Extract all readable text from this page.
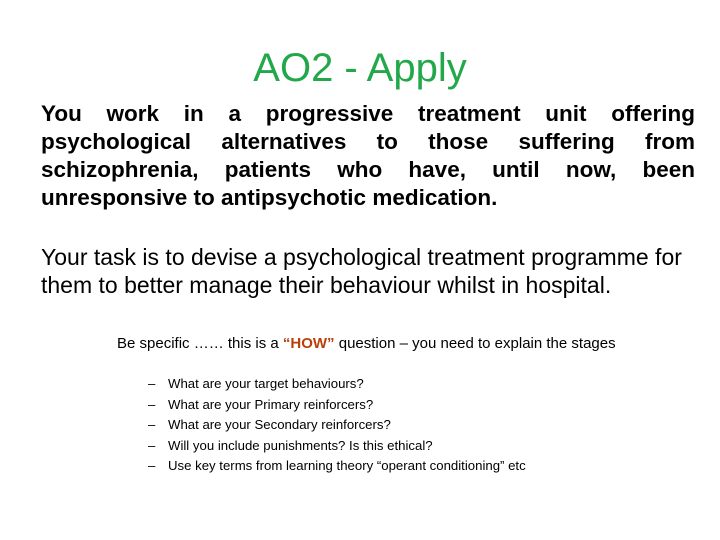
AO2 - Apply
You work in a progressive treatment unit offering psychological alternatives to those suffering from schizophrenia, patients who have, until now, been unresponsive to antipsychotic medication.
Your task is to devise a psychological treatment programme for them to better manage their behaviour whilst in hospital.
Be specific …… this is a “HOW” question – you need to explain the stages
– What are your target behaviours?
– What are your Primary reinforcers?
– What are your Secondary reinforcers?
– Will you include punishments? Is this ethical?
– Use key terms from learning theory “operant conditioning” etc
